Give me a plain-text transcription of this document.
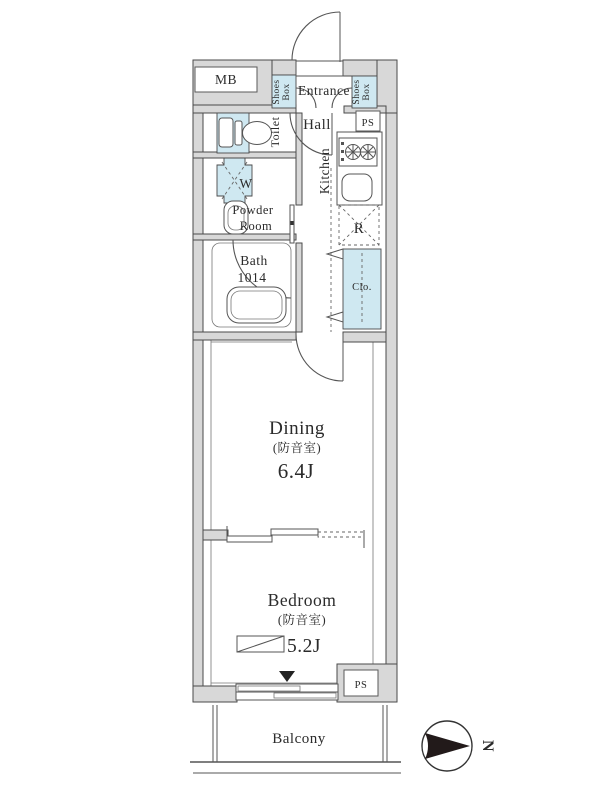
N
MB	Shoes Box Entrance Shoes Box
PS
Hall
Toilet
Kitchen
W
Powder
Room
Bath
1014
R
Clo.
Dining
(防音室)
6.4J
Bedroom
(防音室)
5.2J
PS
Balcony
